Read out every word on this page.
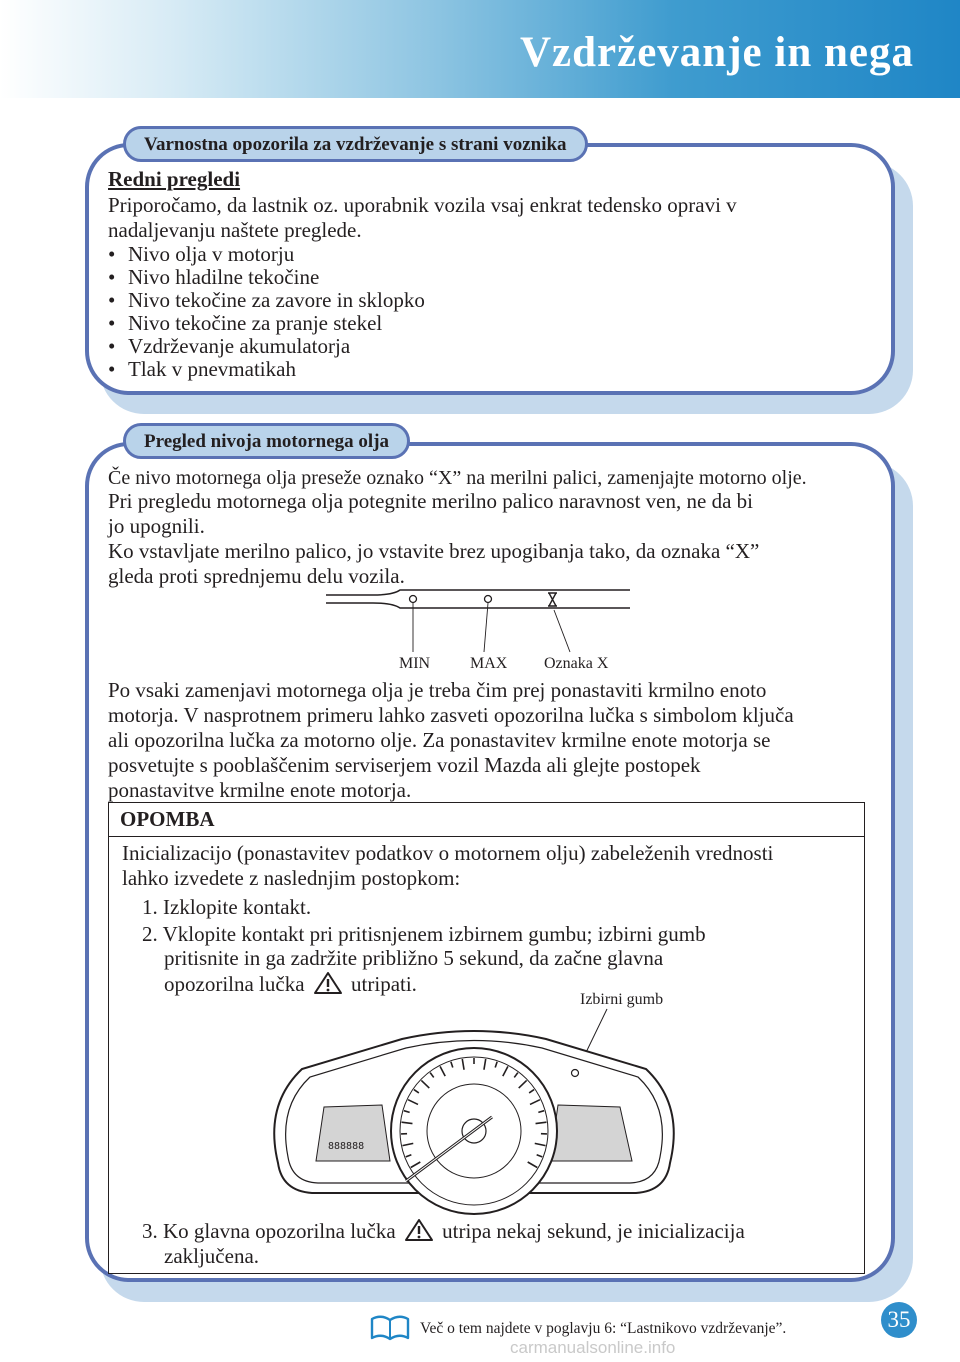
Vzdrževanje in nega
Varnostna opozorila za vzdrževanje s strani voznika
Redni pregledi
Priporočamo, da lastnik oz. uporabnik vozila vsaj enkrat tedensko opravi v
nadaljevanju naštete preglede.
• Nivo olja v motorju
• Nivo hladilne tekočine
• Nivo tekočine za zavore in sklopko
• Nivo tekočine za pranje stekel
• Vzdrževanje akumulatorja
• Tlak v pnevmatikah
Pregled nivoja motornega olja
Če nivo motornega olja preseže oznako “X” na merilni palici, zamenjajte motorno olje.
Pri pregledu motornega olja potegnite merilno palico naravnost ven, ne da bi
jo upognili.
Ko vstavljate merilno palico, jo vstavite brez upogibanja tako, da oznaka “X”
gleda proti sprednjemu delu vozila.
MIN MAX Oznaka X
Po vsaki zamenjavi motornega olja je treba čim prej ponastaviti krmilno enoto
motorja. V nasprotnem primeru lahko zasveti opozorilna lučka s simbolom ključa
ali opozorilna lučka za motorno olje. Za ponastavitev krmilne enote motorja se
posvetujte s pooblaščenim serviserjem vozil Mazda ali glejte postopek
ponastavitve krmilne enote motorja.
OPOMBA
Inicializacijo (ponastavitev podatkov o motornem olju) zabeleženih vrednosti
lahko izvedete z naslednjim postopkom:
1. Izklopite kontakt.
2. Vklopite kontakt pri pritisnjenem izbirnem gumbu; izbirni gumb
pritisnite in ga zadržite približno 5 sekund, da začne glavna
opozorilna lučka utripati.
Izbirni gumb
888888
3. Ko glavna opozorilna lučka utripa nekaj sekund, je inicializacija
zaključena.
Več o tem najdete v poglavju 6: “Lastnikovo vzdrževanje”.	35
carmanualsonline.info
